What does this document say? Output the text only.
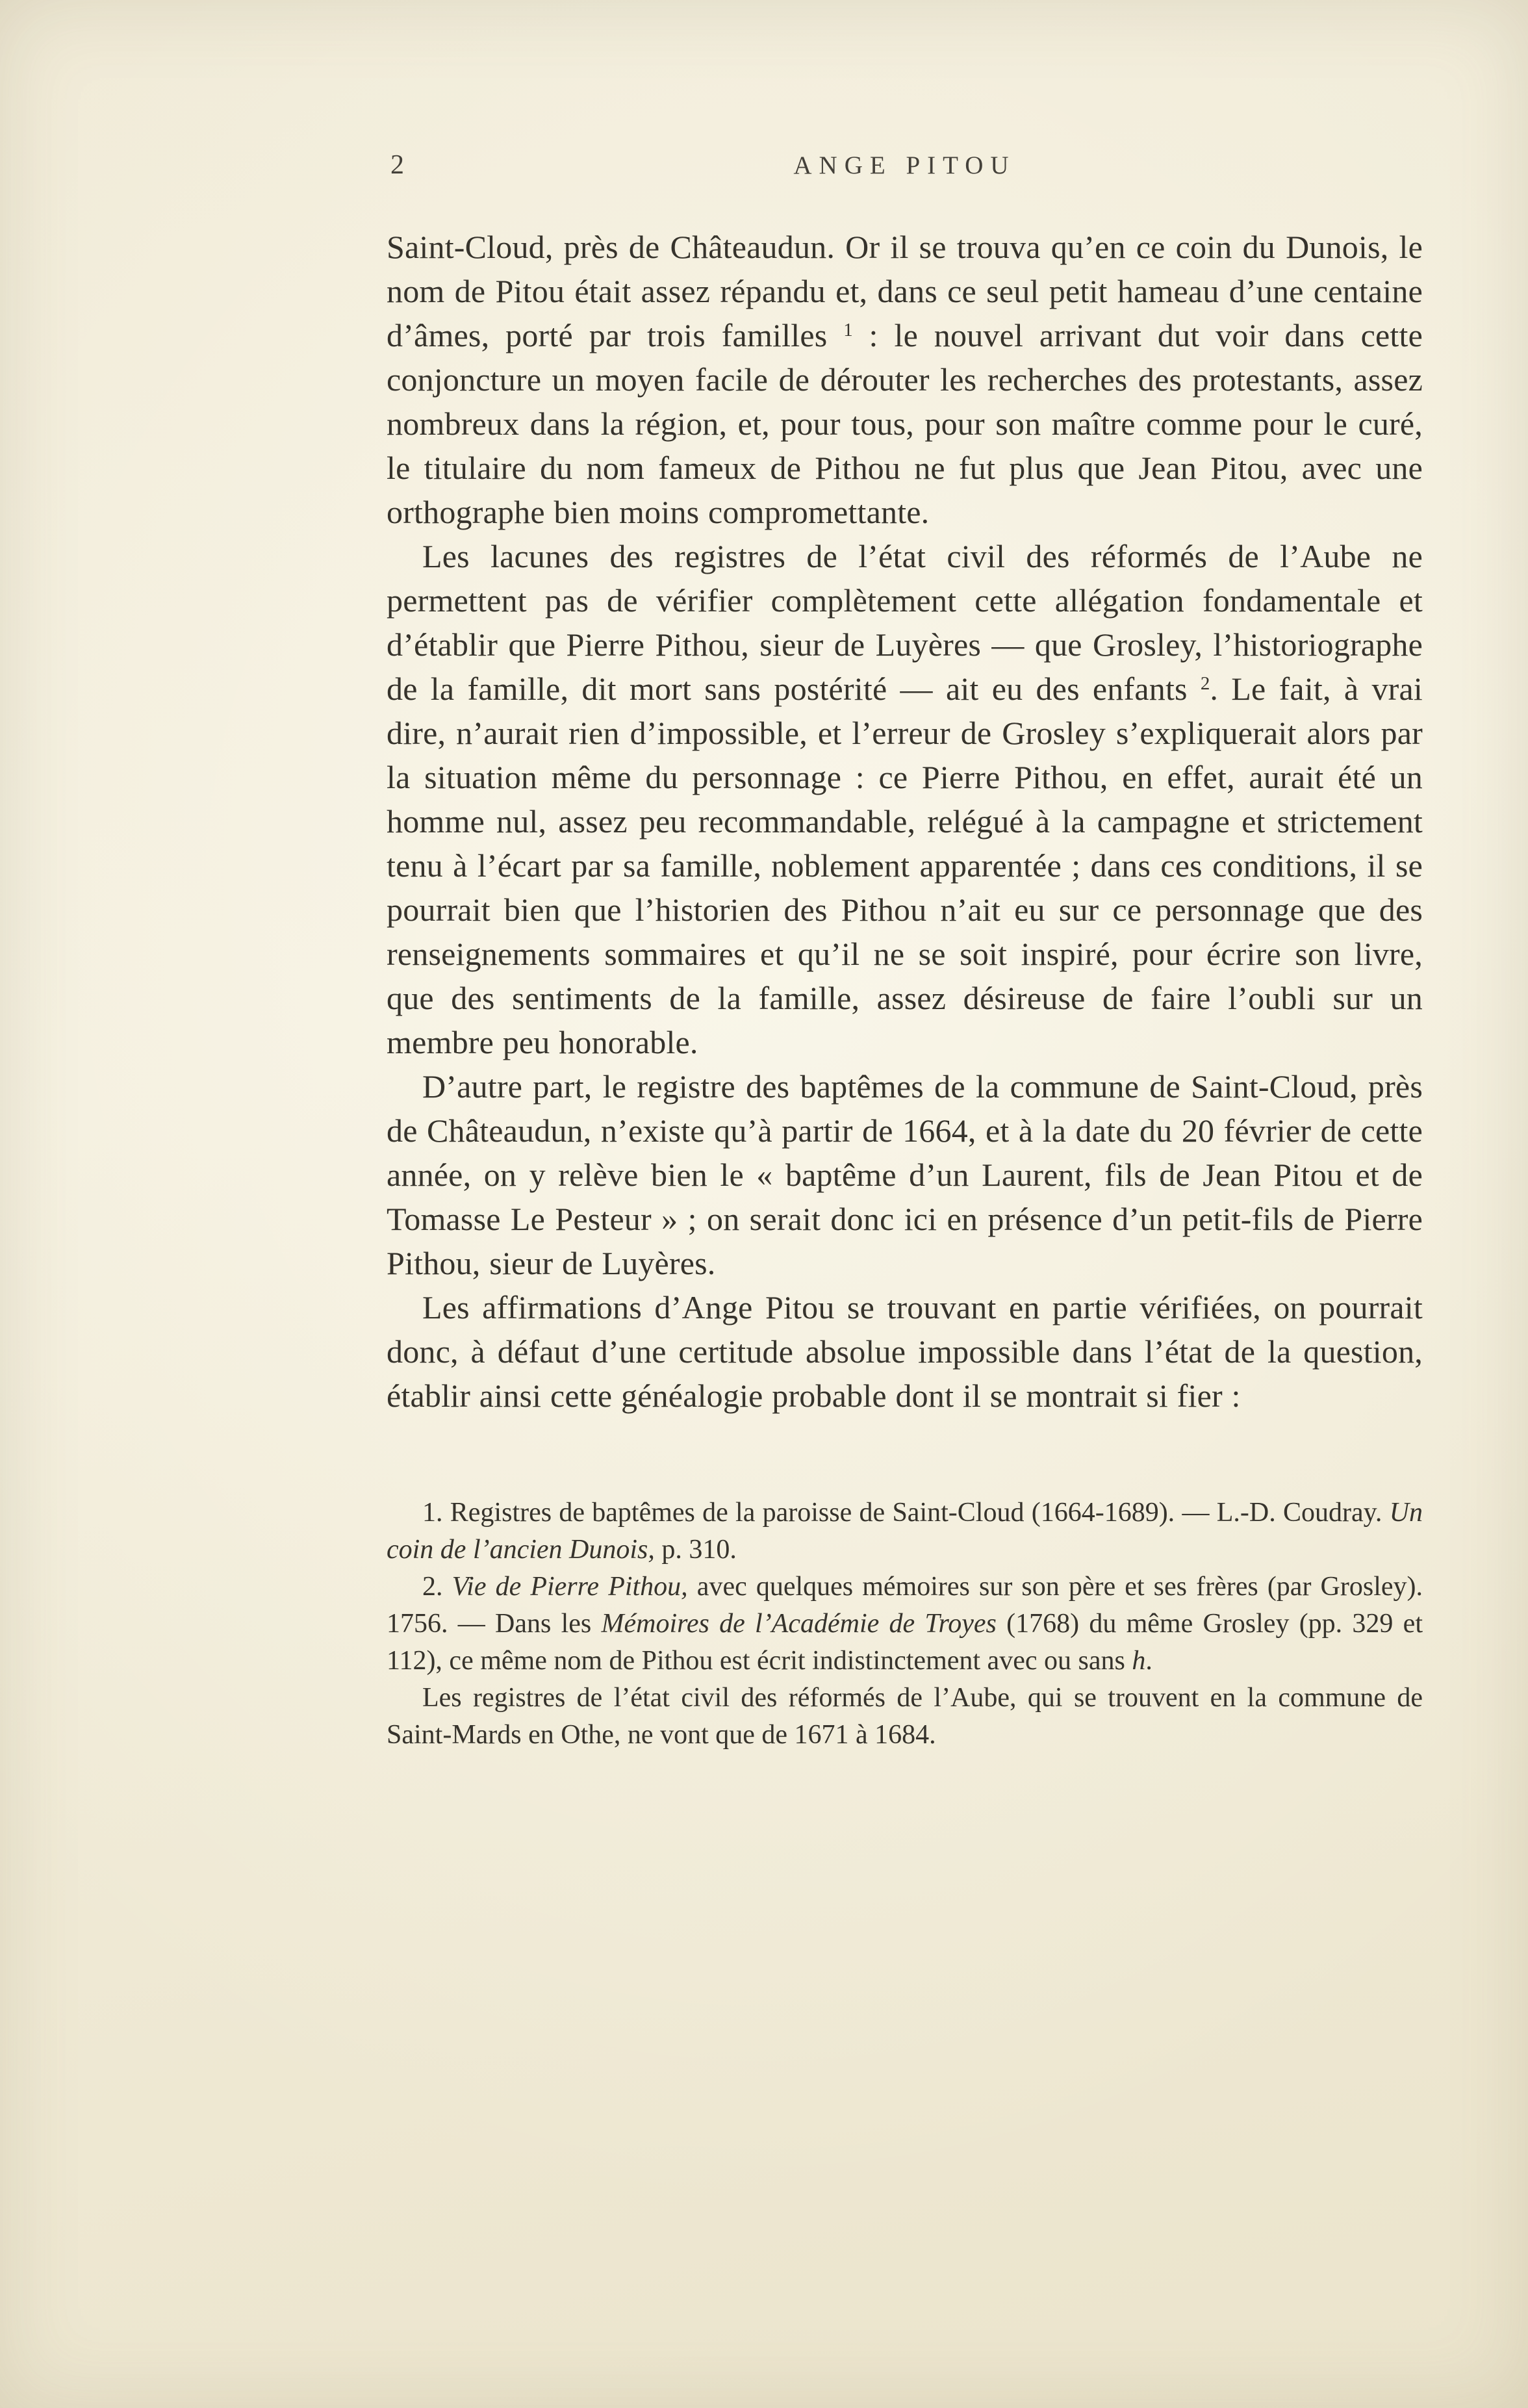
2	ANGE PITOU

Saint-Cloud, près de Châteaudun. Or il se trouva qu’en ce coin du Dunois, le nom de Pitou était assez répandu et, dans ce seul petit hameau d’une centaine d’âmes, porté par trois familles $^1$ : le nouvel arrivant dut voir dans cette conjoncture un moyen facile de dérouter les recherches des protestants, assez nombreux dans la région, et, pour tous, pour son maître comme pour le curé, le titulaire du nom fameux de Pithou ne fut plus que Jean Pitou, avec une orthographe bien moins compromettante.

Les lacunes des registres de l’état civil des réformés de l’Aube ne permettent pas de vérifier complètement cette allégation fondamentale et d’établir que Pierre Pithou, sieur de Luyères — que Grosley, l’historiographe de la famille, dit mort sans postérité — ait eu des enfants $^2$. Le fait, à vrai dire, n’aurait rien d’impossible, et l’erreur de Grosley s’expliquerait alors par la situation même du personnage : ce Pierre Pithou, en effet, aurait été un homme nul, assez peu recommandable, relégué à la campagne et strictement tenu à l’écart par sa famille, noblement apparentée ; dans ces conditions, il se pourrait bien que l’historien des Pithou n’ait eu sur ce personnage que des renseignements sommaires et qu’il ne se soit inspiré, pour écrire son livre, que des sentiments de la famille, assez désireuse de faire l’oubli sur un membre peu honorable.

D’autre part, le registre des baptêmes de la commune de Saint-Cloud, près de Châteaudun, n’existe qu’à partir de 1664, et à la date du 20 février de cette année, on y relève bien le « baptême d’un Laurent, fils de Jean Pitou et de Tomasse Le Pesteur » ; on serait donc ici en présence d’un petit-fils de Pierre Pithou, sieur de Luyères.

Les affirmations d’Ange Pitou se trouvant en partie vérifiées, on pourrait donc, à défaut d’une certitude absolue impossible dans l’état de la question, établir ainsi cette généalogie probable dont il se montrait si fier :

1. Registres de baptêmes de la paroisse de Saint-Cloud (1664-1689). — L.-D. Coudray. Un coin de l’ancien Dunois, p. 310.

2. Vie de Pierre Pithou, avec quelques mémoires sur son père et ses frères (par Grosley). 1756. — Dans les Mémoires de l’Académie de Troyes (1768) du même Grosley (pp. 329 et 112), ce même nom de Pithou est écrit indistinctement avec ou sans h.

Les registres de l’état civil des réformés de l’Aube, qui se trouvent en la commune de Saint-Mards en Othe, ne vont que de 1671 à 1684.
